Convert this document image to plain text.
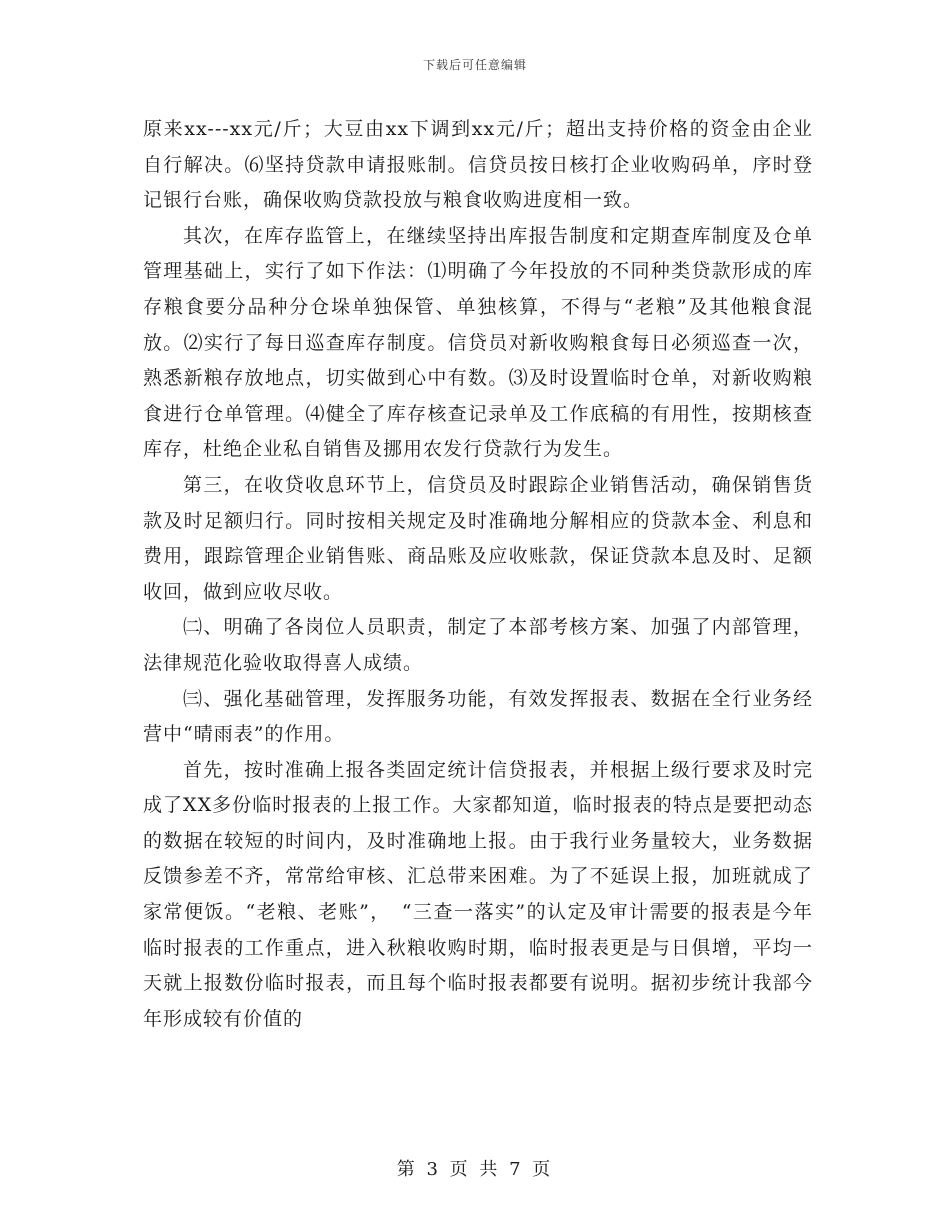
下载后可任意编辑

原来xx---xx元/斤；大豆由xx下调到xx元/斤；超出支持价格的资金由企业自行解决。⑹坚持贷款申请报账制。信贷员按日核打企业收购码单，序时登记银行台账，确保收购贷款投放与粮食收购进度相一致。

其次，在库存监管上，在继续坚持出库报告制度和定期查库制度及仓单管理基础上，实行了如下作法：⑴明确了今年投放的不同种类贷款形成的库存粮食要分品种分仓垛单独保管、单独核算，不得与“老粮”及其他粮食混放。⑵实行了每日巡查库存制度。信贷员对新收购粮食每日必须巡查一次，熟悉新粮存放地点，切实做到心中有数。⑶及时设置临时仓单，对新收购粮食进行仓单管理。⑷健全了库存核查记录单及工作底稿的有用性，按期核查库存，杜绝企业私自销售及挪用农发行贷款行为发生。

第三，在收贷收息环节上，信贷员及时跟踪企业销售活动，确保销售货款及时足额归行。同时按相关规定及时准确地分解相应的贷款本金、利息和费用，跟踪管理企业销售账、商品账及应收账款，保证贷款本息及时、足额收回，做到应收尽收。

㈡、明确了各岗位人员职责，制定了本部考核方案、加强了内部管理，法律规范化验收取得喜人成绩。

㈢、强化基础管理，发挥服务功能，有效发挥报表、数据在全行业务经营中“晴雨表”的作用。

首先，按时准确上报各类固定统计信贷报表，并根据上级行要求及时完成了XX多份临时报表的上报工作。大家都知道，临时报表的特点是要把动态的数据在较短的时间内，及时准确地上报。由于我行业务量较大，业务数据反馈参差不齐，常常给审核、汇总带来困难。为了不延误上报，加班就成了家常便饭。“老粮、老账”，　“三查一落实”的认定及审计需要的报表是今年临时报表的工作重点，进入秋粮收购时期，临时报表更是与日俱增，平均一天就上报数份临时报表，而且每个临时报表都要有说明。据初步统计我部今年形成较有价值的

第 3 页 共 7 页
